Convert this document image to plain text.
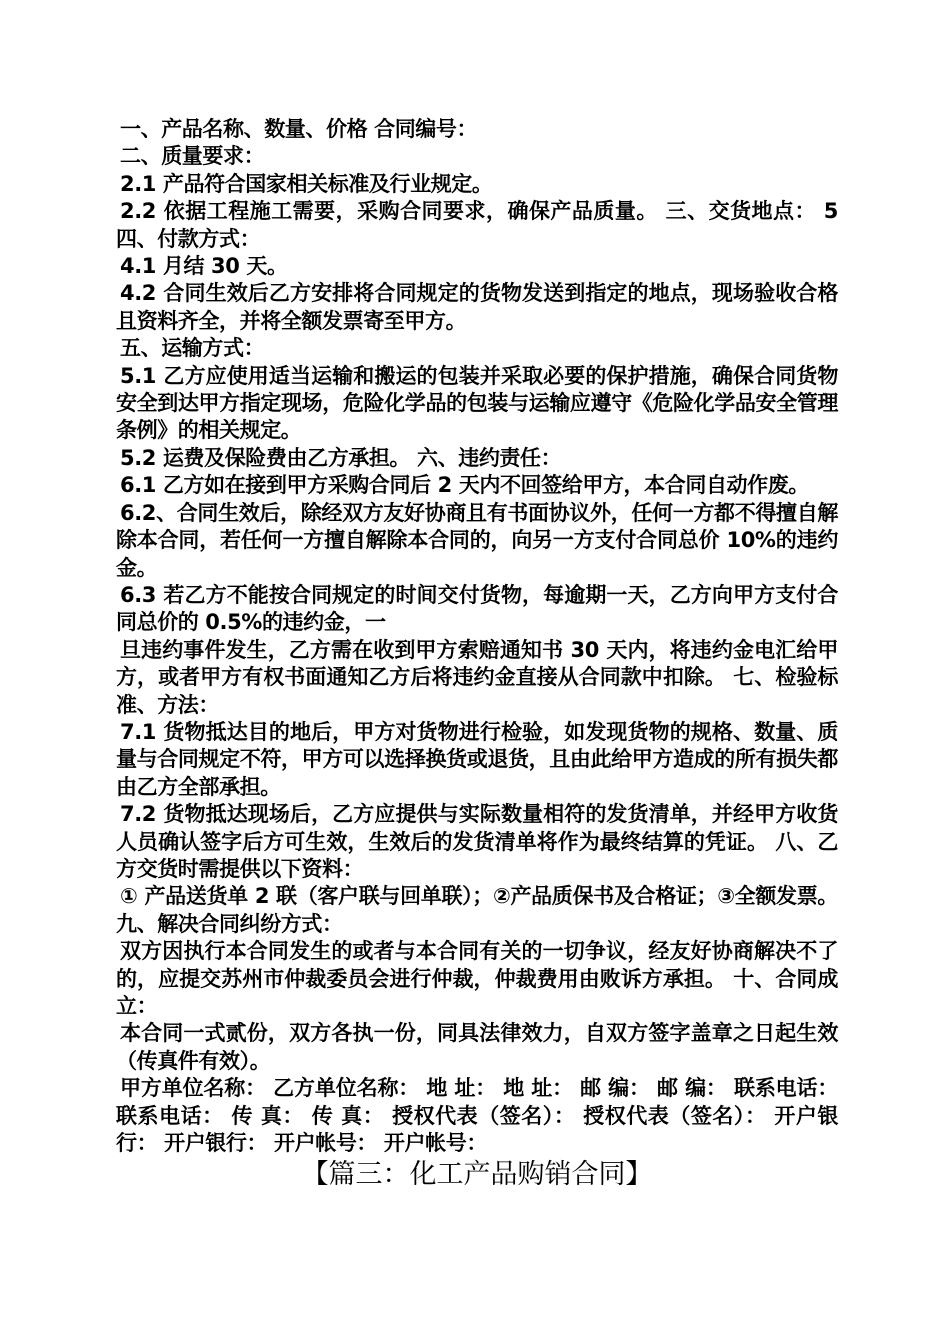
一、产品名称、数量、价格 合同编号：

二、质量要求：

2.1 产品符合国家相关标准及行业规定。

2.2 依据工程施工需要，采购合同要求，确保产品质量。 三、交货地点： 5 四、付款方式：

4.1 月结 30 天。

4.2 合同生效后乙方安排将合同规定的货物发送到指定的地点，现场验收合格且资料齐全，并将全额发票寄至甲方。

五、运输方式：

5.1 乙方应使用适当运输和搬运的包装并采取必要的保护措施，确保合同货物安全到达甲方指定现场，危险化学品的包装与运输应遵守《危险化学品安全管理条例》的相关规定。

5.2 运费及保险费由乙方承担。 六、违约责任：

6.1 乙方如在接到甲方采购合同后 2 天内不回签给甲方，本合同自动作废。

6.2、合同生效后，除经双方友好协商且有书面协议外，任何一方都不得擅自解除本合同，若任何一方擅自解除本合同的，向另一方支付合同总价 10%的违约金。

6.3 若乙方不能按合同规定的时间交付货物，每逾期一天，乙方向甲方支付合同总价的 0.5%的违约金，一

旦违约事件发生，乙方需在收到甲方索赔通知书 30 天内，将违约金电汇给甲方，或者甲方有权书面通知乙方后将违约金直接从合同款中扣除。 七、检验标准、方法：

7.1 货物抵达目的地后，甲方对货物进行检验，如发现货物的规格、数量、质量与合同规定不符，甲方可以选择换货或退货，且由此给甲方造成的所有损失都由乙方全部承担。

7.2 货物抵达现场后，乙方应提供与实际数量相符的发货清单，并经甲方收货人员确认签字后方可生效，生效后的发货清单将作为最终结算的凭证。 八、乙方交货时需提供以下资料：

① 产品送货单 2 联（客户联与回单联）；②产品质保书及合格证；③全额发票。 九、解决合同纠纷方式：

双方因执行本合同发生的或者与本合同有关的一切争议，经友好协商解决不了的，应提交苏州市仲裁委员会进行仲裁，仲裁费用由败诉方承担。 十、合同成立：

本合同一式贰份，双方各执一份，同具法律效力，自双方签字盖章之日起生效（传真件有效）。

甲方单位名称： 乙方单位名称： 地 址： 地 址： 邮 编： 邮 编： 联系电话： 联系电话： 传 真： 传 真： 授权代表（签名）： 授权代表（签名）： 开户银行： 开户银行： 开户帐号： 开户帐号：

【篇三：化工产品购销合同】
